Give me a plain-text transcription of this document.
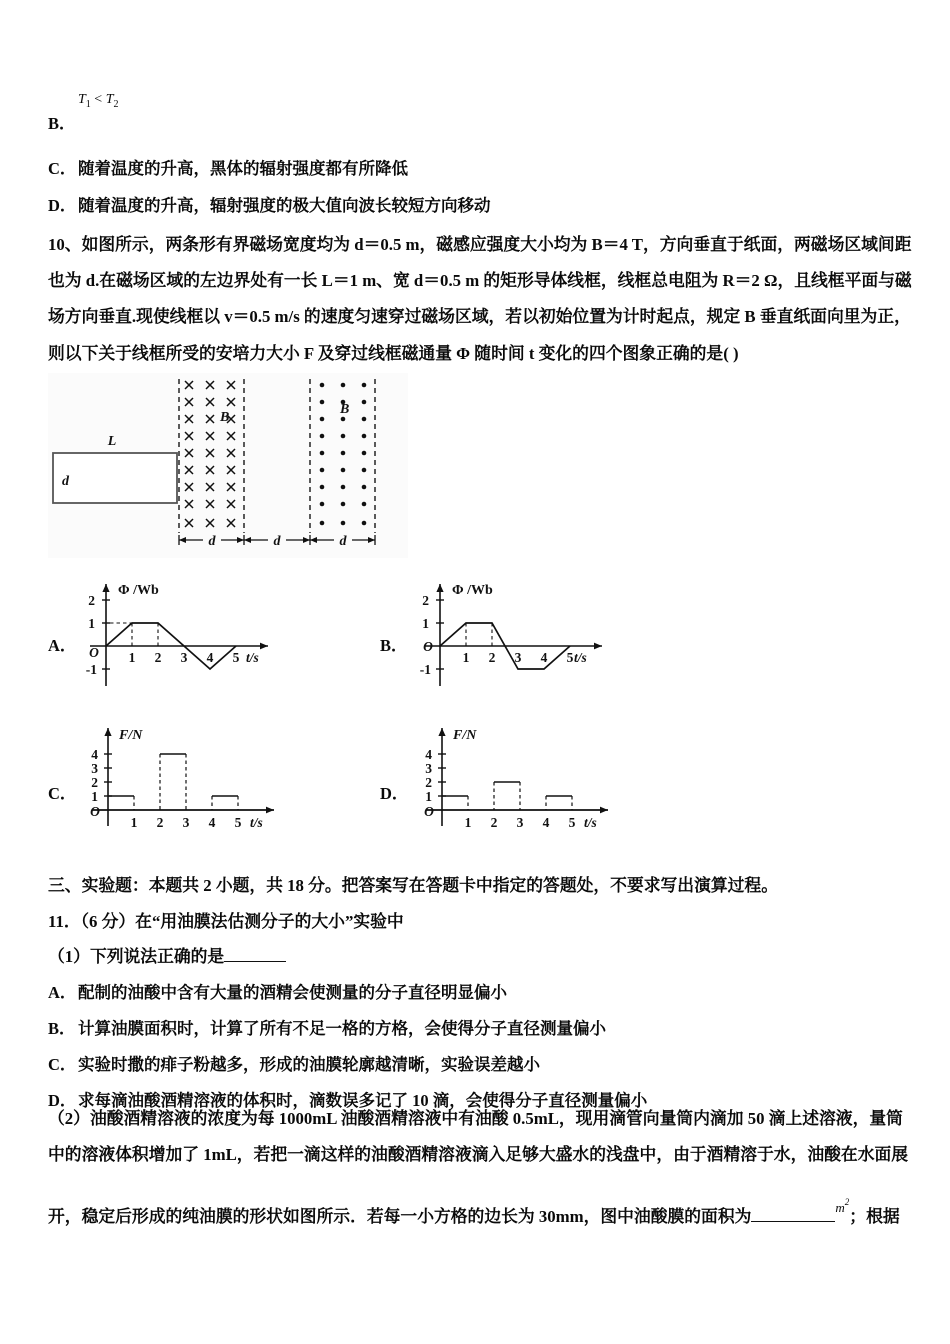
B．
$T_1 < T_2$
C． 随着温度的升高，黑体的辐射强度都有所降低
D． 随着温度的升高，辐射强度的极大值向波长较短方向移动
10、如图所示，两条形有界磁场宽度均为 d＝0.5 m，磁感应强度大小均为 B＝4 T，方向垂直于纸面，两磁场区域间距
也为 d.在磁场区域的左边界处有一长 L＝1 m、宽 d＝0.5 m 的矩形导体线框，线框总电阻为 R＝2 Ω，且线框平面与磁
场方向垂直.现使线框以 v＝0.5 m/s 的速度匀速穿过磁场区域，若以初始位置为计时起点，规定 B 垂直纸面向里为正，
则以下关于线框所受的安培力大小 F 及穿过线框磁通量 Φ 随时间 t 变化的四个图象正确的是( )
L
d
B
B
d	d	d
A． O
Φ /Wb
t/s
2
1
-1
1 2 3 4 5
B． O
Φ /Wb
t/s
2
1
-1
1 2 3 4 5
C．
O
F/N
t/s
1
2
3
4
1 2 3 4 5
D．
O
F/N
t/s
1
2
3
4
1 2 3 4 5
三、实验题：本题共 2 小题，共 18 分。把答案写在答题卡中指定的答题处，不要求写出演算过程。
11．（6 分）在“用油膜法估测分子的大小”实验中
（1）下列说法正确的是
A． 配制的油酸中含有大量的酒精会使测量的分子直径明显偏小
B． 计算油膜面积时，计算了所有不足一格的方格，会使得分子直径测量偏小
C． 实验时撒的痱子粉越多，形成的油膜轮廓越清晰，实验误差越小
D． 求每滴油酸酒精溶液的体积时，滴数误多记了 10 滴，会使得分子直径测量偏小
（2）油酸酒精溶液的浓度为每 1000mL 油酸酒精溶液中有油酸 0.5mL，现用滴管向量筒内滴加 50 滴上述溶液，量筒
中的溶液体积增加了 1mL，若把一滴这样的油酸酒精溶液滴入足够大盛水的浅盘中，由于酒精溶于水，油酸在水面展
开，稳定后形成的纯油膜的形状如图所示．若每一小方格的边长为 30mm，图中油酸膜的面积为	$^{m2}$；根据
